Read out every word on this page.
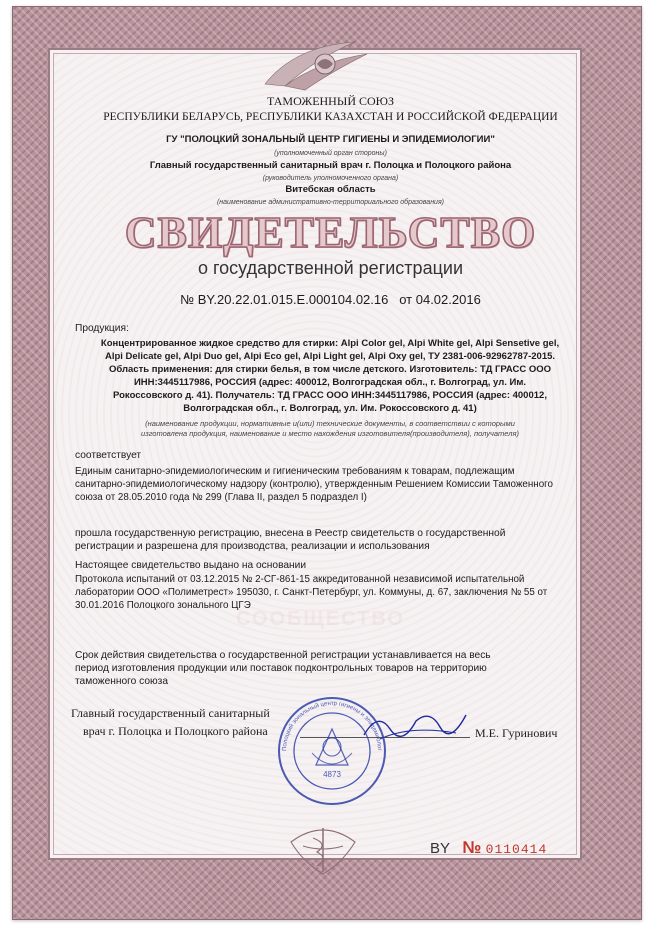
СООБЩЕСТВО
ТАМОЖЕННЫЙ СОЮЗ
РЕСПУБЛИКИ БЕЛАРУСЬ, РЕСПУБЛИКИ КАЗАХСТАН И РОССИЙСКОЙ ФЕДЕРАЦИИ
ГУ "ПОЛОЦКИЙ ЗОНАЛЬНЫЙ ЦЕНТР ГИГИЕНЫ И ЭПИДЕМИОЛОГИИ"
(уполномоченный орган стороны)
Главный государственный санитарный врач г. Полоцка и Полоцкого района
(руководитель уполномоченного органа)
Витебская область
(наименование административно-территориального образования)
СВИДЕТЕЛЬСТВО
о государственной регистрации
№ BY.20.22.01.015.E.000104.02.16 от 04.02.2016
Продукция:
Концентрированное жидкое средство для стирки: Alpi Color gel, Alpi White gel, Alpi Sensetive gel,
Alpi Delicate gel, Alpi Duo gel, Alpi Eco gel, Alpi Light gel, Alpi Oxy gel, ТУ 2381-006-92962787-2015.
Область применения: для стирки белья, в том числе детского. Изготовитель: ТД ГРАСС ООО
ИНН:3445117986, РОССИЯ (адрес: 400012, Волгоградская обл., г. Волгоград, ул. Им.
Рокоссовского д. 41). Получатель: ТД ГРАСС ООО ИНН:3445117986, РОССИЯ (адрес: 400012,
Волгоградская обл., г. Волгоград, ул. Им. Рокоссовского д. 41)
(наименование продукции, нормативные и(или) технические документы, в соответствии с которыми
изготовлена продукция, наименование и место нахождения изготовителя(производителя), получателя)
соответствует
Единым санитарно-эпидемиологическим и гигиеническим требованиям к товарам, подлежащим
санитарно-эпидемиологическому надзору (контролю), утвержденным Решением Комиссии Таможенного
союза от 28.05.2010 года № 299 (Глава II, раздел 5 подраздел I)
прошла государственную регистрацию, внесена в Реестр свидетельств о государственной
регистрации и разрешена для производства, реализации и использования
Настоящее свидетельство выдано на основании
Протокола испытаний от 03.12.2015 № 2-СГ-861-15 аккредитованной независимой испытательной
лаборатории ООО «Полиметрест» 195030, г. Санкт-Петербург, ул. Коммуны, д. 67, заключения № 55 от
30.01.2016 Полоцкого зонального ЦГЭ
Срок действия свидетельства о государственной регистрации устанавливается на весь
период изготовления продукции или поставок подконтрольных товаров на территорию
таможенного союза
Главный государственный санитарный
врач г. Полоцка и Полоцкого района	М.Е. Гуринович
Полоцкий зональный центр гигиены и эпидемиолог
4873
BY № 0110414
